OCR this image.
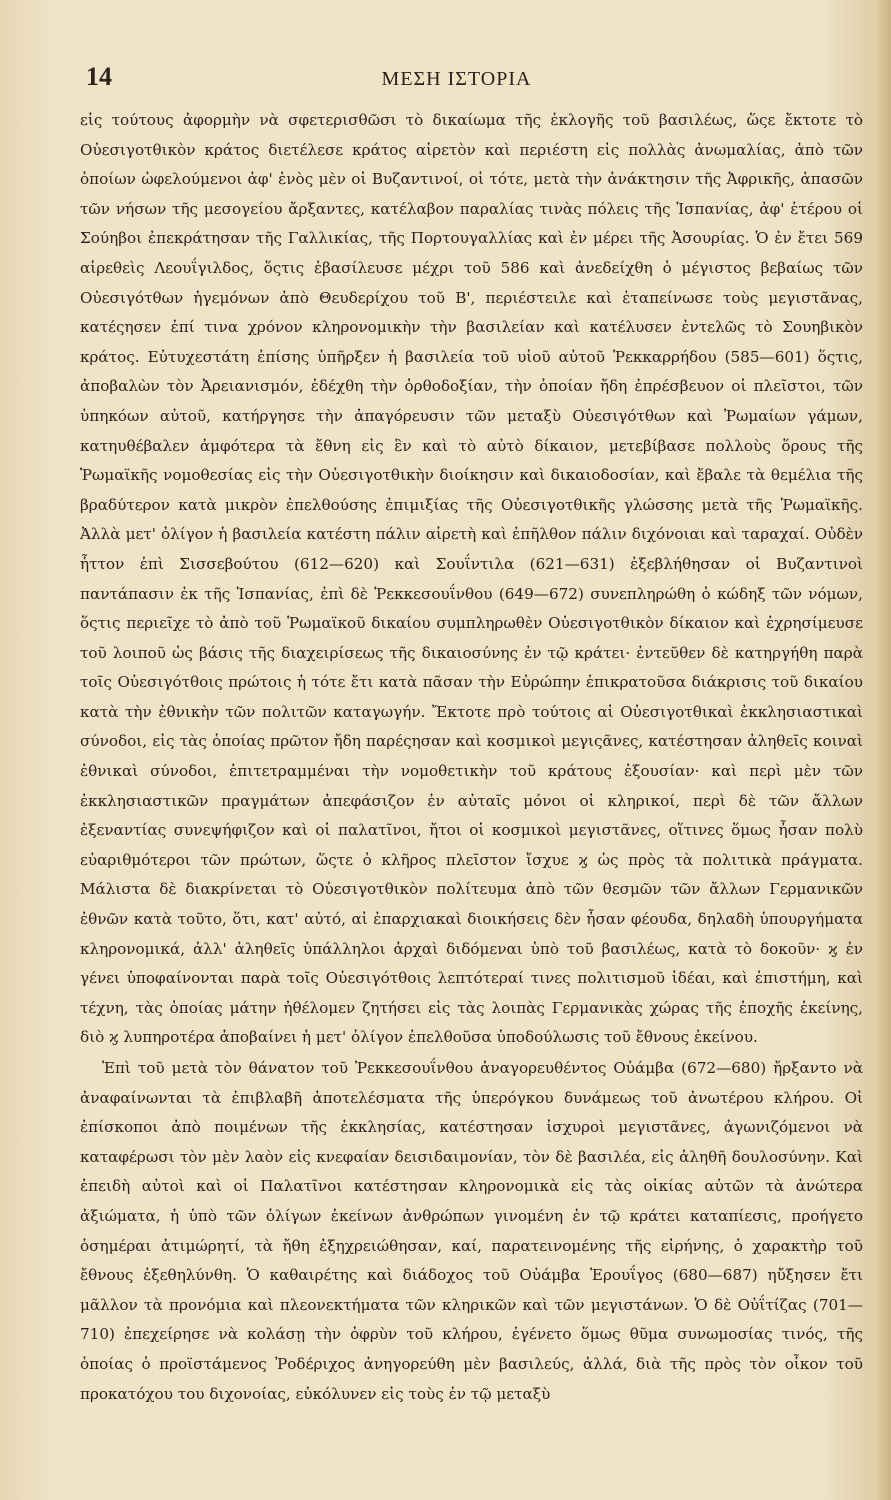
14	ΜΕΣΗ ΙΣΤΟΡΙΑ

εἰς τούτους ἀφορμὴν νὰ σφετερισθῶσι τὸ δικαίωμα τῆς ἐκλογῆς τοῦ βασιλέως, ὥςε ἔκτοτε τὸ Οὐεσιγοτθικὸν κράτος διετέλεσε κράτος αἱρετὸν καὶ περιέστη εἰς πολλὰς ἀνωμαλίας, ἀπὸ τῶν ὁποίων ὠφελούμενοι ἀφ' ἑνὸς μὲν οἱ Βυζαντινοί, οἱ τότε, μετὰ τὴν ἀνάκτησιν τῆς Ἀφρικῆς, ἁπασῶν τῶν νήσων τῆς μεσογείου ἄρξαντες, κατέλαβον παραλίας τινὰς πόλεις τῆς Ἱσπανίας, ἀφ' ἑτέρου οἱ Σούηβοι ἐπεκράτησαν τῆς Γαλλικίας, τῆς Πορτουγαλλίας καὶ ἐν μέρει τῆς Ἀσουρίας. Ὁ ἐν ἔτει 569 αἱρεθεὶς Λεουΐγιλδος, ὅςτις ἐβασίλευσε μέχρι τοῦ 586 καὶ ἀνεδείχθη ὁ μέγιστος βεβαίως τῶν Οὐεσιγότθων ἡγεμόνων ἀπὸ Θευδερίχου τοῦ Β', περιέστειλε καὶ ἐταπείνωσε τοὺς μεγιστᾶνας, κατέςησεν ἐπί τινα χρόνον κληρονομικὴν τὴν βασιλείαν καὶ κατέλυσεν ἐντελῶς τὸ Σουηβικὸν κράτος. Εὐτυχεστάτη ἐπίσης ὑπῆρξεν ἡ βασιλεία τοῦ υἱοῦ αὐτοῦ Ῥεκκαρρήδου (585—601) ὅςτις, ἀποβαλὼν τὸν Ἀρειανισμόν, ἐδέχθη τὴν ὀρθοδοξίαν, τὴν ὁποίαν ἤδη ἐπρέσβευον οἱ πλεῖστοι, τῶν ὑπηκόων αὐτοῦ, κατήργησε τὴν ἀπαγόρευσιν τῶν μεταξὺ Οὐεσιγότθων καὶ Ῥωμαίων γάμων, κατηυθέβαλεν ἀμφότερα τὰ ἔθνη εἰς ἓν καὶ τὸ αὐτὸ δίκαιον, μετεβίβασε πολλοὺς ὅρους τῆς Ῥωμαϊκῆς νομοθεσίας εἰς τὴν Οὐεσιγοτθικὴν διοίκησιν καὶ δικαιοδοσίαν, καὶ ἔβαλε τὰ θεμέλια τῆς βραδύτερον κατὰ μικρὸν ἐπελθούσης ἐπιμιξίας τῆς Οὐεσιγοτθικῆς γλώσσης μετὰ τῆς Ῥωμαϊκῆς. Ἀλλὰ μετ' ὀλίγον ἡ βασιλεία κατέστη πάλιν αἱρετὴ καὶ ἐπῆλθον πάλιν διχόνοιαι καὶ ταραχαί. Οὐδὲν ἧττον ἐπὶ Σισσεβούτου (612—620) καὶ Σουΐντιλα (621—631) ἐξεβλήθησαν οἱ Βυζαντινοὶ παντάπασιν ἐκ τῆς Ἱσπανίας, ἐπὶ δὲ Ῥεκκεσουΐνθου (649—672) συνεπληρώθη ὁ κώδηξ τῶν νόμων, ὅςτις περιεῖχε τὸ ἀπὸ τοῦ Ῥωμαϊκοῦ δικαίου συμπληρωθὲν Οὐεσιγοτθικὸν δίκαιον καὶ ἐχρησίμευσε τοῦ λοιποῦ ὡς βάσις τῆς διαχειρίσεως τῆς δικαιοσύνης ἐν τῷ κράτει· ἐντεῦθεν δὲ κατηργήθη παρὰ τοῖς Οὐεσιγότθοις πρώτοις ἡ τότε ἔτι κατὰ πᾶσαν τὴν Εὐρώπην ἐπικρατοῦσα διάκρισις τοῦ δικαίου κατὰ τὴν ἐθνικὴν τῶν πολιτῶν καταγωγήν. Ἔκτοτε πρὸ τούτοις αἱ Οὐεσιγοτθικαὶ ἐκκλησιαστικαὶ σύνοδοι, εἰς τὰς ὁποίας πρῶτον ἤδη παρέςησαν καὶ κοσμικοὶ μεγιςᾶνες, κατέστησαν ἀληθεῖς κοιναὶ ἐθνικαὶ σύνοδοι, ἐπιτετραμμέναι τὴν νομοθετικὴν τοῦ κράτους ἐξουσίαν· καὶ περὶ μὲν τῶν ἐκκλησιαστικῶν πραγμάτων ἀπεφάσιζον ἐν αὐταῖς μόνοι οἱ κληρικοί, περὶ δὲ τῶν ἄλλων ἐξεναντίας συνεψήφιζον καὶ οἱ παλατῖνοι, ἤτοι οἱ κοσμικοὶ μεγιστᾶνες, οἵτινες ὅμως ἦσαν πολὺ εὐαριθμότεροι τῶν πρώτων, ὥςτε ὁ κλῆρος πλεῖστον ἴσχυε ϗ ὡς πρὸς τὰ πολιτικὰ πράγματα. Μάλιστα δὲ διακρίνεται τὸ Οὐεσιγοτθικὸν πολίτευμα ἀπὸ τῶν θεσμῶν τῶν ἄλλων Γερμανικῶν ἐθνῶν κατὰ τοῦτο, ὅτι, κατ' αὐτό, αἱ ἐπαρχιακαὶ διοικήσεις δὲν ἦσαν φέουδα, δηλαδὴ ὑπουργήματα κληρονομικά, ἀλλ' ἀληθεῖς ὑπάλληλοι ἀρχαὶ διδόμεναι ὑπὸ τοῦ βασιλέως, κατὰ τὸ δοκοῦν· ϗ ἐν γένει ὑποφαίνονται παρὰ τοῖς Οὐεσιγότθοις λεπτότεραί τινες πολιτισμοῦ ἰδέαι, καὶ ἐπιστήμη, καὶ τέχνη, τὰς ὁποίας μάτην ἠθέλομεν ζητήσει εἰς τὰς λοιπὰς Γερμανικὰς χώρας τῆς ἐποχῆς ἐκείνης, διὸ ϗ λυπηροτέρα ἀποβαίνει ἡ μετ' ὀλίγον ἐπελθοῦσα ὑποδούλωσις τοῦ ἔθνους ἐκείνου.

Ἐπὶ τοῦ μετὰ τὸν θάνατον τοῦ Ῥεκκεσουΐνθου ἀναγορευθέντος Οὐάμβα (672—680) ἤρξαντο νὰ ἀναφαίνωνται τὰ ἐπιβλαβῆ ἀποτελέσματα τῆς ὑπερόγκου δυνάμεως τοῦ ἀνωτέρου κλήρου. Οἱ ἐπίσκοποι ἀπὸ ποιμένων τῆς ἐκκλησίας, κατέστησαν ἰσχυροὶ μεγιστᾶνες, ἀγωνιζόμενοι νὰ καταφέρωσι τὸν μὲν λαὸν εἰς κνεφαίαν δεισιδαιμονίαν, τὸν δὲ βασιλέα, εἰς ἀληθῆ δουλοσύνην. Καὶ ἐπειδὴ αὐτοὶ καὶ οἱ Παλατῖνοι κατέστησαν κληρονομικὰ εἰς τὰς οἰκίας αὐτῶν τὰ ἀνώτερα ἀξιώματα, ἡ ὑπὸ τῶν ὀλίγων ἐκείνων ἀνθρώπων γινομένη ἐν τῷ κράτει καταπίεσις, προήγετο ὁσημέραι ἀτιμώρητί, τὰ ἤθη ἐξηχρειώθησαν, καί, παρατεινομένης τῆς εἰρήνης, ὁ χαρακτὴρ τοῦ ἔθνους ἐξεθηλύνθη. Ὁ καθαιρέτης καὶ διάδοχος τοῦ Οὐάμβα Ἐρουΐγος (680—687) ηὔξησεν ἔτι μᾶλλον τὰ προνόμια καὶ πλεονεκτήματα τῶν κληρικῶν καὶ τῶν μεγιστάνων. Ὁ δὲ Οὐΐτίζας (701—710) ἐπεχείρησε νὰ κολάσῃ τὴν ὀφρὺν τοῦ κλήρου, ἐγένετο ὅμως θῦμα συνωμοσίας τινός, τῆς ὁποίας ὁ προϊστάμενος Ῥοδέριχος ἀνηγορεύθη μὲν βασιλεύς, ἀλλά, διὰ τῆς πρὸς τὸν οἶκον τοῦ προκατόχου του διχονοίας, εὐκόλυνεν εἰς τοὺς ἐν τῷ μεταξὺ
